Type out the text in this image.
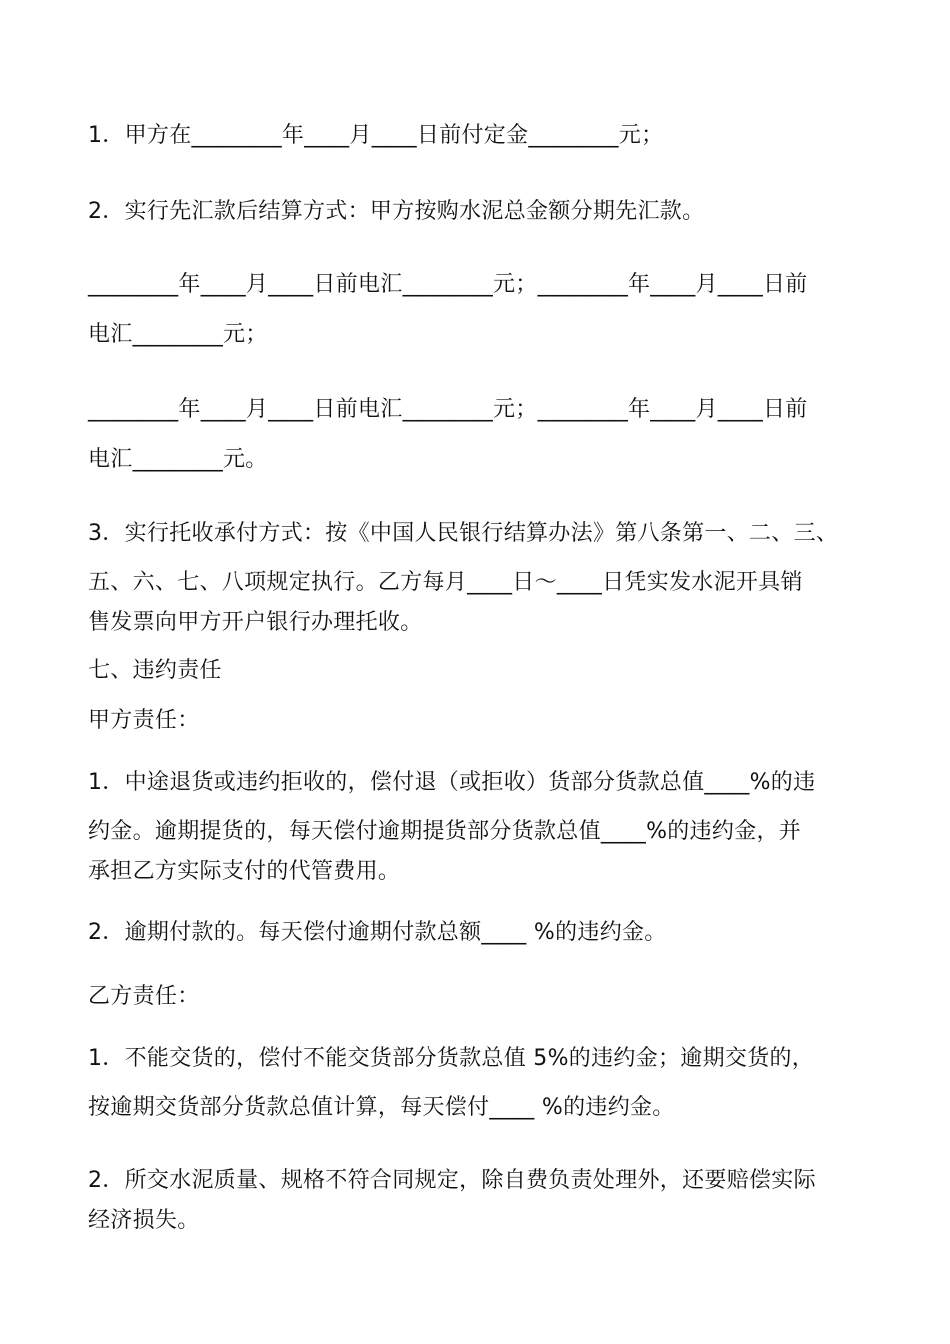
1．甲方在________年____月____日前付定金________元；
2．实行先汇款后结算方式：甲方按购水泥总金额分期先汇款。
________年____月____日前电汇________元；________年____月____日前
电汇________元；
________年____月____日前电汇________元；________年____月____日前
电汇________元。
3．实行托收承付方式：按《中国人民银行结算办法》第八条第一、二、三、
五、六、七、八项规定执行。乙方每月____日～____日凭实发水泥开具销
售发票向甲方开户银行办理托收。
七、违约责任
甲方责任：
1．中途退货或违约拒收的，偿付退（或拒收）货部分货款总值____%的违
约金。逾期提货的，每天偿付逾期提货部分货款总值____%的违约金，并
承担乙方实际支付的代管费用。
2．逾期付款的。每天偿付逾期付款总额____ %的违约金。
乙方责任：
1．不能交货的，偿付不能交货部分货款总值 5%的违约金；逾期交货的，
按逾期交货部分货款总值计算，每天偿付____ %的违约金。
2．所交水泥质量、规格不符合同规定，除自费负责处理外，还要赔偿实际
经济损失。
